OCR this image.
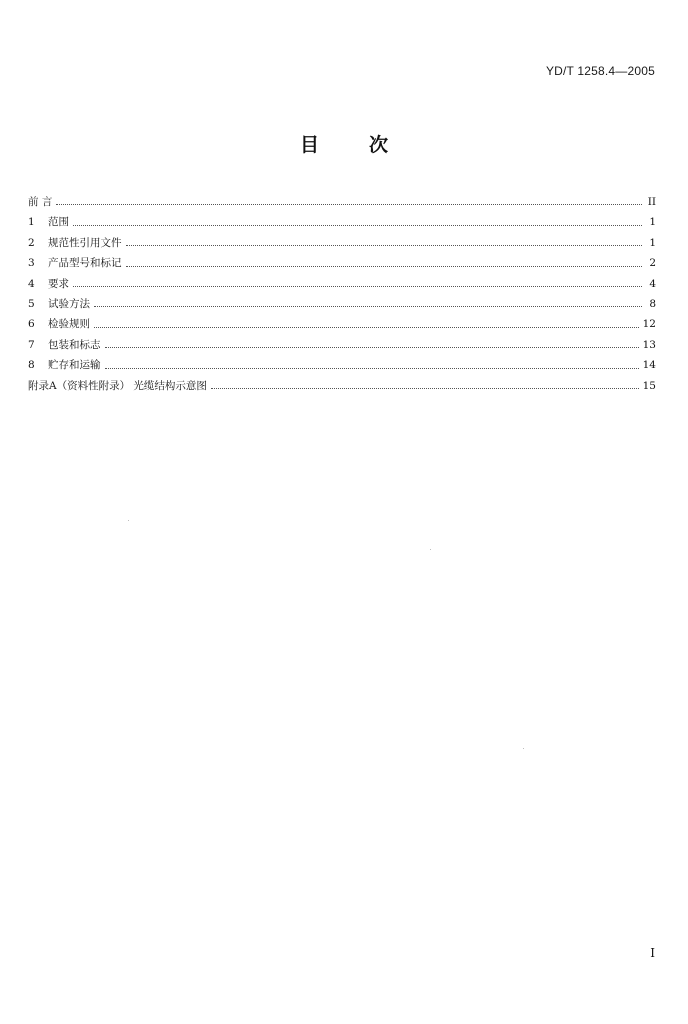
YD/T 1258.4—2005
目次
前 言	II
1	范围	1
2	规范性引用文件	1
3	产品型号和标记	2
4	要求	4
5	试验方法	8
6	检验规则	12
7	包装和标志	13
8	贮存和运输	14
附录A（资料性附录） 光缆结构示意图	15
I
